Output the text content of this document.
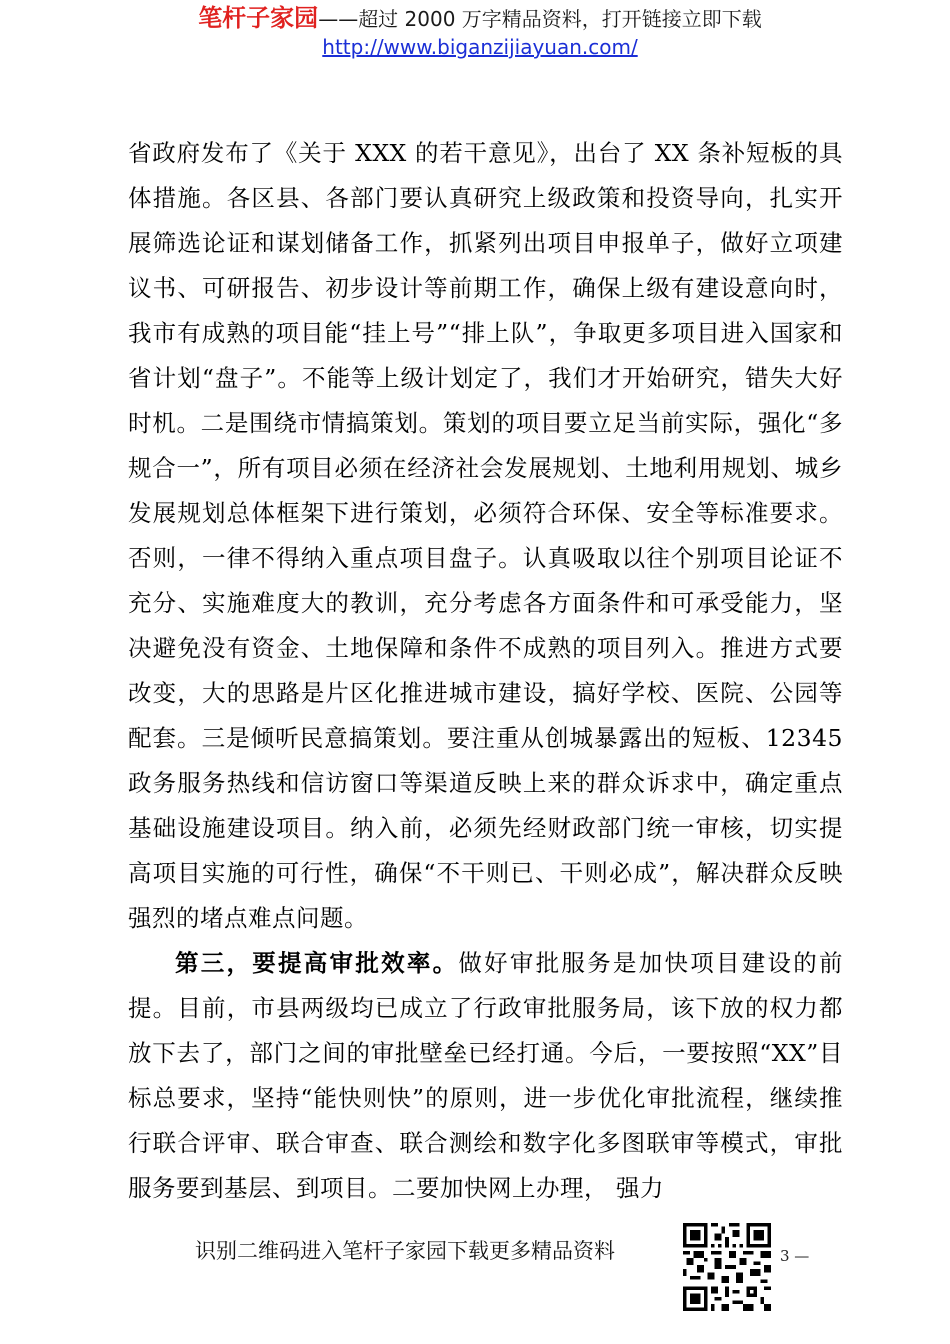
笔杆子家园——超过 2000 万字精品资料，打开链接立即下载 http://www.biganzijiayuan.com/

省政府发布了《关于 XXX 的若干意见》，出台了 XX 条补短板的具体措施。各区县、各部门要认真研究上级政策和投资导向，扎实开展筛选论证和谋划储备工作，抓紧列出项目申报单子，做好立项建议书、可研报告、初步设计等前期工作，确保上级有建设意向时，我市有成熟的项目能“挂上号”“排上队”，争取更多项目进入国家和省计划“盘子”。不能等上级计划定了，我们才开始研究，错失大好时机。二是围绕市情搞策划。策划的项目要立足当前实际，强化“多规合一”，所有项目必须在经济社会发展规划、土地利用规划、城乡发展规划总体框架下进行策划，必须符合环保、安全等标准要求。否则，一律不得纳入重点项目盘子。认真吸取以往个别项目论证不充分、实施难度大的教训，充分考虑各方面条件和可承受能力，坚决避免没有资金、土地保障和条件不成熟的项目列入。推进方式要改变，大的思路是片区化推进城市建设，搞好学校、医院、公园等配套。三是倾听民意搞策划。要注重从创城暴露出的短板、12345 政务服务热线和信访窗口等渠道反映上来的群众诉求中，确定重点基础设施建设项目。纳入前，必须先经财政部门统一审核，切实提高项目实施的可行性，确保“不干则已、干则必成”，解决群众反映强烈的堵点难点问题。

第三，要提高审批效率。做好审批服务是加快项目建设的前提。目前，市县两级均已成立了行政审批服务局，该下放的权力都放下去了，部门之间的审批壁垒已经打通。今后，一要按照“XX”目标总要求，坚持“能快则快”的原则，进一步优化审批流程，继续推行联合评审、联合审查、联合测绘和数字化多图联审等模式，审批服务要到基层、到项目。二要加快网上办理， 强力

识别二维码进入笔杆子家园下载更多精品资料	3 —
